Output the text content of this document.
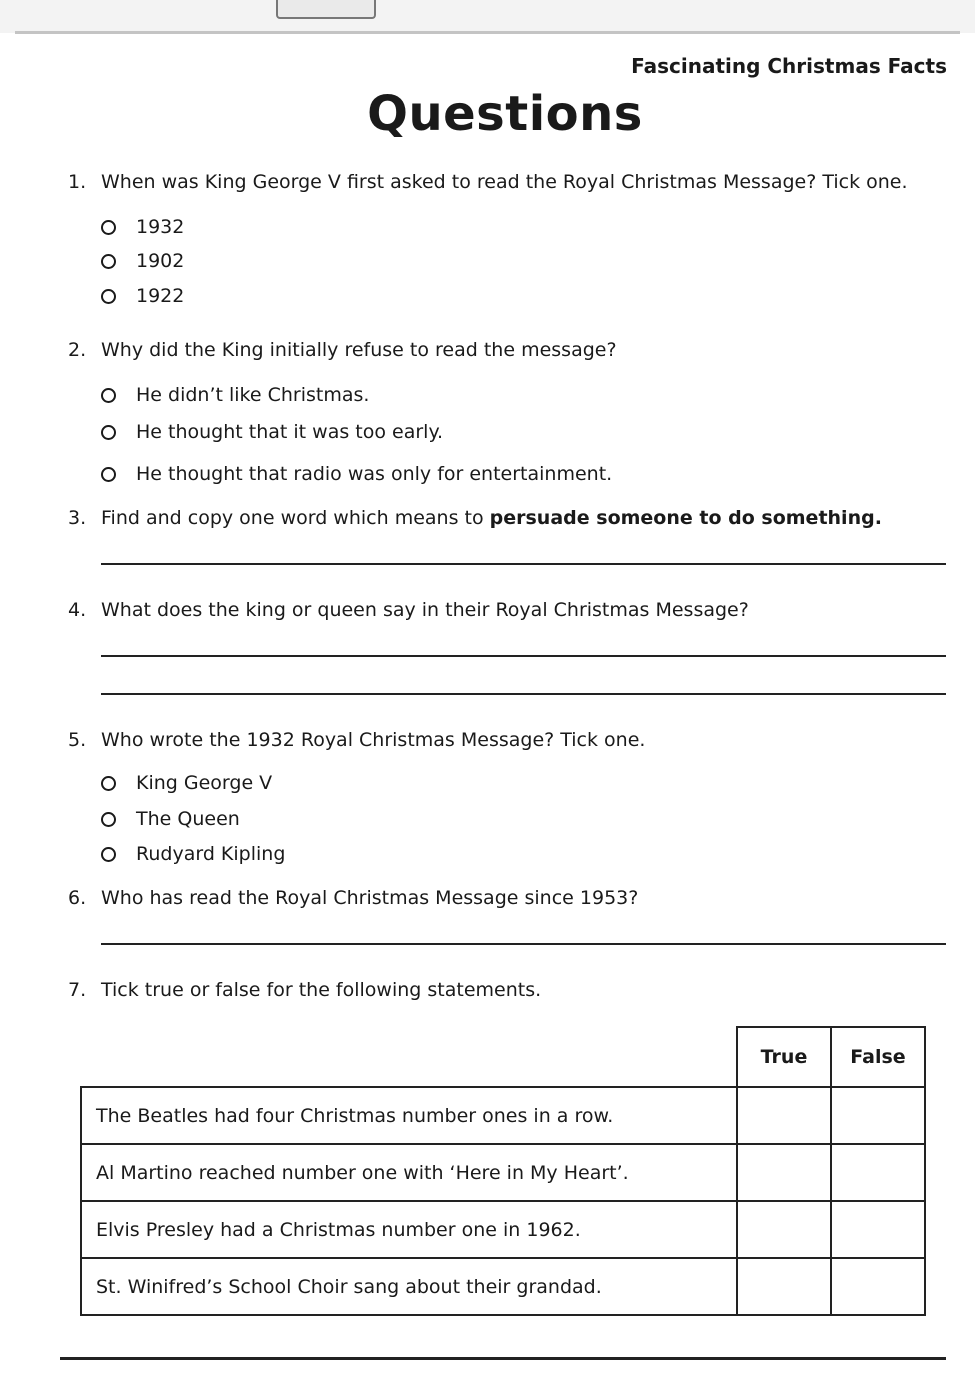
Fascinating Christmas Facts
Questions
1. When was King George V first asked to read the Royal Christmas Message? Tick one.
1932
1902
1922
2. Why did the King initially refuse to read the message?
He didn’t like Christmas.
He thought that it was too early.
He thought that radio was only for entertainment.
3. Find and copy one word which means to persuade someone to do something.
4. What does the king or queen say in their Royal Christmas Message?
5. Who wrote the 1932 Royal Christmas Message? Tick one.
King George V
The Queen
Rudyard Kipling
6. Who has read the Royal Christmas Message since 1953?
7. Tick true or false for the following statements.
	True	False
The Beatles had four Christmas number ones in a row.		
Al Martino reached number one with ‘Here in My Heart’.		
Elvis Presley had a Christmas number one in 1962.		
St. Winifred’s School Choir sang about their grandad.		
